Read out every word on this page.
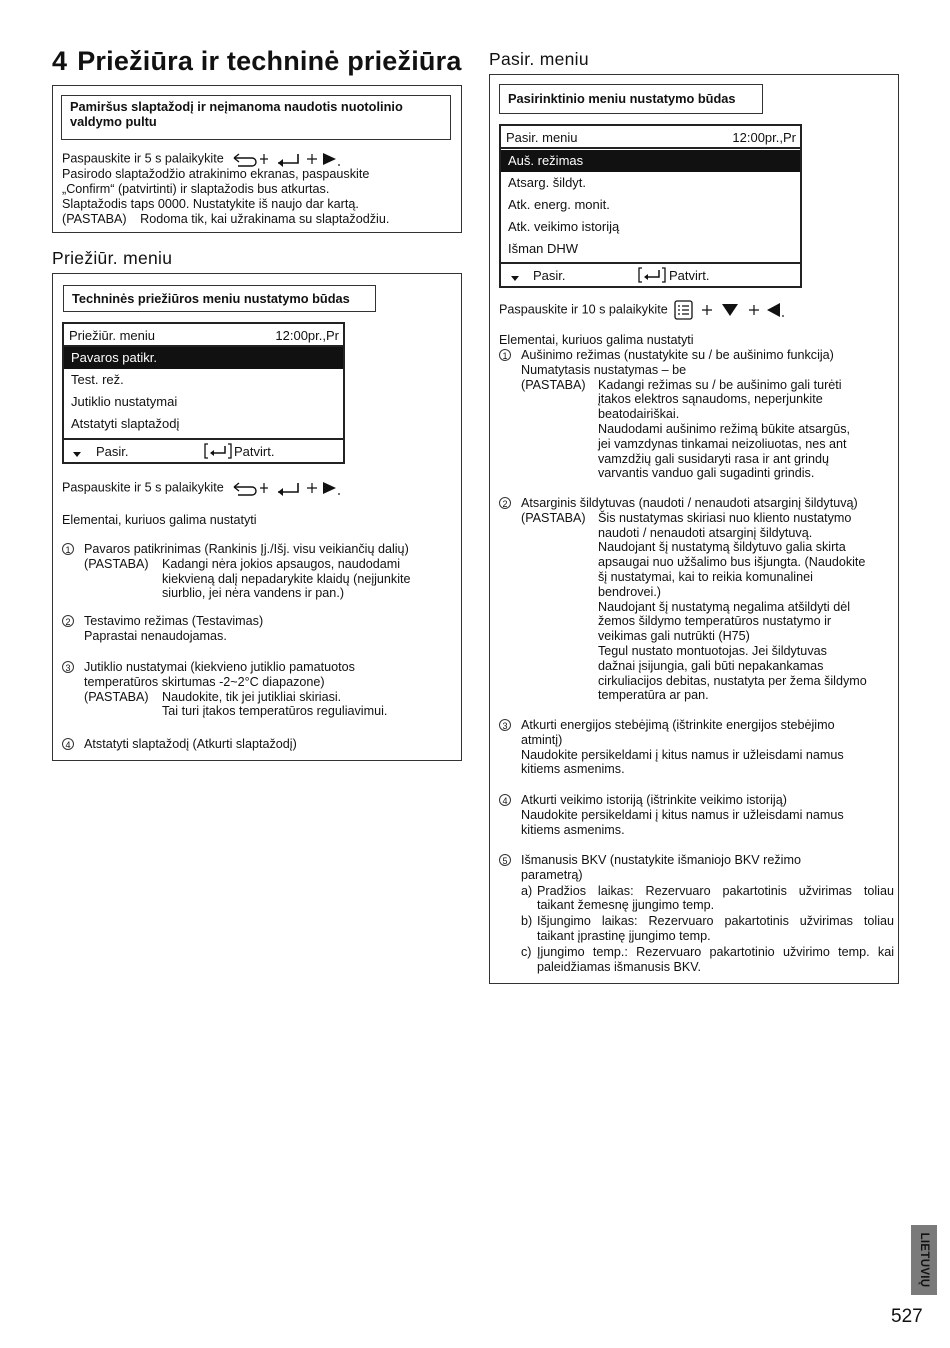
4 Priežiūra ir techninė priežiūra
Pamiršus slaptažodį ir neįmanoma naudotis nuotolinio valdymo pultu
Paspauskite ir 5 s palaikykite
Pasirodo slaptažodžio atrakinimo ekranas, paspauskite
„Confirm“ (patvirtinti) ir slaptažodis bus atkurtas.
Slaptažodis taps 0000. Nustatykite iš naujo dar kartą.
(PASTABA) Rodoma tik, kai užrakinama su slaptažodžiu.
Priežiūr. meniu
Techninės priežiūros meniu nustatymo būdas
Priežiūr. meniu	12:00pr.,Pr
Pavaros patikr.
Test. rež.
Jutiklio nustatymai
Atstatyti slaptažodį
Pasir.	Patvirt.
Paspauskite ir 5 s palaikykite
Elementai, kuriuos galima nustatyti
1 Pavaros patikrinimas (Rankinis Įj./Išj. visu veikiančių dalių)
(PASTABA) Kadangi nėra jokios apsaugos, naudodami
kiekvieną dalį nepadarykite klaidų (neįjunkite
siurblio, jei nėra vandens ir pan.)
2 Testavimo režimas (Testavimas)
Paprastai nenaudojamas.
3 Jutiklio nustatymai (kiekvieno jutiklio pamatuotos
temperatūros skirtumas -2~2°C diapazone)
(PASTABA) Naudokite, tik jei jutikliai skiriasi.
Tai turi įtakos temperatūros reguliavimui.
4 Atstatyti slaptažodį (Atkurti slaptažodį)
Pasir. meniu
Pasirinktinio meniu nustatymo būdas
Pasir. meniu	12:00pr.,Pr
Auš. režimas
Atsarg. šildyt.
Atk. energ. monit.
Atk. veikimo istoriją
Išman DHW
Pasir.	Patvirt.
Paspauskite ir 10 s palaikykite
Elementai, kuriuos galima nustatyti
1 Aušinimo režimas (nustatykite su / be aušinimo funkcija)
Numatytasis nustatymas – be
(PASTABA) Kadangi režimas su / be aušinimo gali turėti
įtakos elektros sąnaudoms, neperjunkite
beatodairiškai.
Naudodami aušinimo režimą būkite atsargūs,
jei vamzdynas tinkamai neizoliuotas, nes ant
vamzdžių gali susidaryti rasa ir ant grindų
varvantis vanduo gali sugadinti grindis.
2 Atsarginis šildytuvas (naudoti / nenaudoti atsarginį šildytuvą)
(PASTABA) Šis nustatymas skiriasi nuo kliento nustatymo
naudoti / nenaudoti atsarginį šildytuvą.
Naudojant šį nustatymą šildytuvo galia skirta
apsaugai nuo užšalimo bus išjungta. (Naudokite
šį nustatymai, kai to reikia komunalinei
bendrovei.)
Naudojant šį nustatymą negalima atšildyti dėl
žemos šildymo temperatūros nustatymo ir
veikimas gali nutrūkti (H75)
Tegul nustato montuotojas. Jei šildytuvas
dažnai įsijungia, gali būti nepakankamas
cirkuliacijos debitas, nustatyta per žema šildymo
temperatūra ar pan.
3 Atkurti energijos stebėjimą (ištrinkite energijos stebėjimo
atmintį)
Naudokite persikeldami į kitus namus ir užleisdami namus
kitiems asmenims.
4 Atkurti veikimo istoriją (ištrinkite veikimo istoriją)
Naudokite persikeldami į kitus namus ir užleisdami namus
kitiems asmenims.
5 Išmanusis BKV (nustatykite išmaniojo BKV režimo
parametrą)
a) Pradžios laikas: Rezervuaro pakartotinis užvirimas toliau
taikant žemesnę įjungimo temp.
b) Išjungimo laikas: Rezervuaro pakartotinis užvirimas toliau
taikant įprastinę įjungimo temp.
c) Įjungimo temp.: Rezervuaro pakartotinio užvirimo temp. kai
paleidžiamas išmanusis BKV.
LIETUVIŲ
527
